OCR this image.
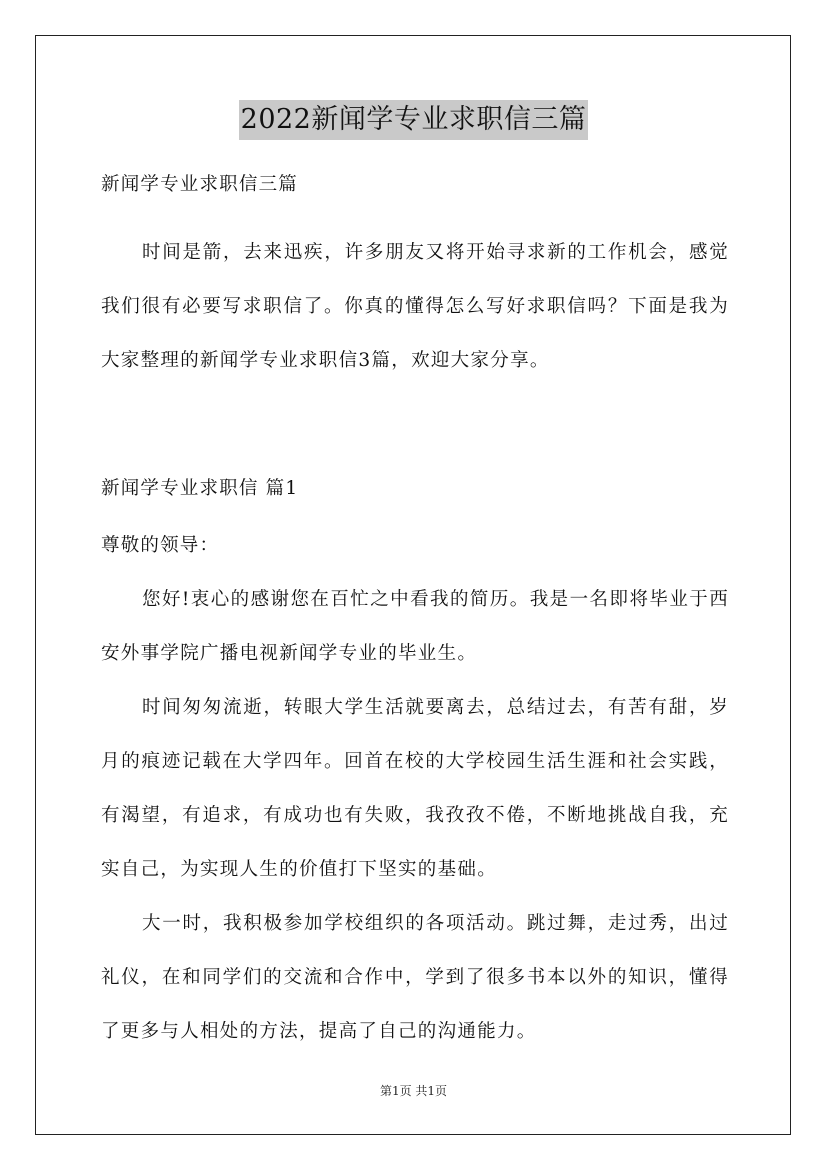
2022新闻学专业求职信三篇
新闻学专业求职信三篇
时间是箭，去来迅疾，许多朋友又将开始寻求新的工作机会，感觉我们很有必要写求职信了。你真的懂得怎么写好求职信吗？下面是我为大家整理的新闻学专业求职信3篇，欢迎大家分享。
新闻学专业求职信 篇1
尊敬的领导：
您好!衷心的感谢您在百忙之中看我的简历。我是一名即将毕业于西安外事学院广播电视新闻学专业的毕业生。
时间匆匆流逝，转眼大学生活就要离去，总结过去，有苦有甜，岁月的痕迹记载在大学四年。回首在校的大学校园生活生涯和社会实践，有渴望，有追求，有成功也有失败，我孜孜不倦，不断地挑战自我，充实自己，为实现人生的价值打下坚实的基础。
大一时，我积极参加学校组织的各项活动。跳过舞，走过秀，出过礼仪，在和同学们的交流和合作中，学到了很多书本以外的知识，懂得了更多与人相处的方法，提高了自己的沟通能力。
第1页 共1页
